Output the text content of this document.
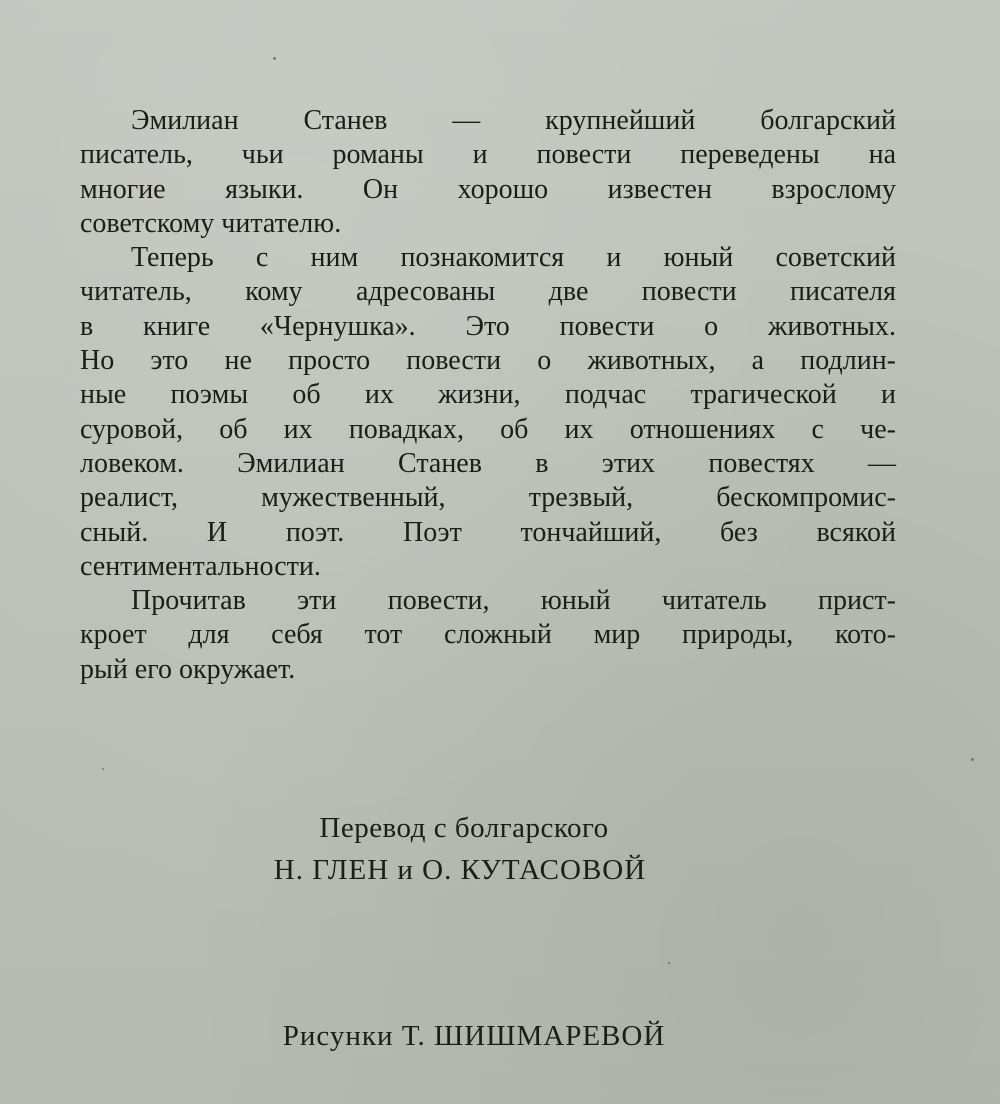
Эмилиан Станев — крупнейший болгарский
писатель, чьи романы и повести переведены на
многие языки. Он хорошо известен взрослому
советскому читателю.

Теперь с ним познакомится и юный советский
читатель, кому адресованы две повести писателя
в книге «Чернушка». Это повести о животных.
Но это не просто повести о животных, а подлин-
ные поэмы об их жизни, подчас трагической и
суровой, об их повадках, об их отношениях с че-
ловеком. Эмилиан Станев в этих повестях —
реалист, мужественный, трезвый, бескомпромис-
сный. И поэт. Поэт тончайший, без всякой
сентиментальности.

Прочитав эти повести, юный читатель прист-
кроет для себя тот сложный мир природы, кото-
рый его окружает.

Перевод с болгарского
Н. ГЛЕН и О. КУТАСОВОЙ
Рисунки Т. ШИШМАРЕВОЙ
